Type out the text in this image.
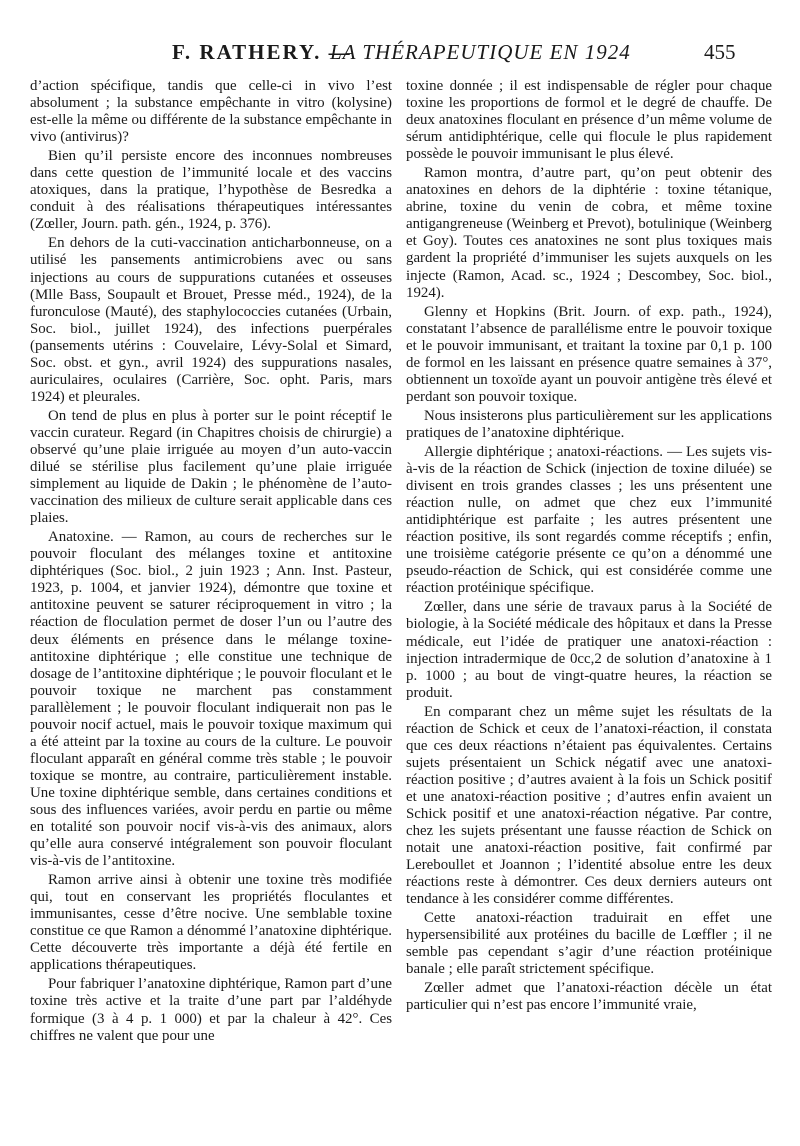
F. RATHERY. —
LA THÉRAPEUTIQUE EN 1924	455

d’action spécifique, tandis que celle-ci in vivo l’est absolument ; la substance empêchante in vitro (kolysine) est-elle la même ou différente de la substance empêchante in vivo (antivirus)?

Bien qu’il persiste encore des inconnues nombreuses dans cette question de l’immunité locale et des vaccins atoxiques, dans la pratique, l’hypothèse de Besredka a conduit à des réalisations thérapeutiques intéressantes (Zœller, Journ. path. gén., 1924, p. 376).

En dehors de la cuti-vaccination anticharbonneuse, on a utilisé les pansements antimicrobiens avec ou sans injections au cours de suppurations cutanées et osseuses (Mlle Bass, Soupault et Brouet, Presse méd., 1924), de la furonculose (Mauté), des staphylococcies cutanées (Urbain, Soc. biol., juillet 1924), des infections puerpérales (pansements utérins : Couvelaire, Lévy-Solal et Simard, Soc. obst. et gyn., avril 1924) des suppurations nasales, auriculaires, oculaires (Carrière, Soc. opht. Paris, mars 1924) et pleurales.

On tend de plus en plus à porter sur le point réceptif le vaccin curateur. Regard (in Chapitres choisis de chirurgie) a observé qu’une plaie irriguée au moyen d’un auto-vaccin dilué se stérilise plus facilement qu’une plaie irriguée simplement au liquide de Dakin ; le phénomène de l’auto-vaccination des milieux de culture serait applicable dans ces plaies.

Anatoxine. — Ramon, au cours de recherches sur le pouvoir floculant des mélanges toxine et antitoxine diphtériques (Soc. biol., 2 juin 1923 ; Ann. Inst. Pasteur, 1923, p. 1004, et janvier 1924), démontre que toxine et antitoxine peuvent se saturer réciproquement in vitro ; la réaction de floculation permet de doser l’un ou l’autre des deux éléments en présence dans le mélange toxine-antitoxine diphtérique ; elle constitue une technique de dosage de l’antitoxine diphtérique ; le pouvoir floculant et le pouvoir toxique ne marchent pas constamment parallèlement ; le pouvoir floculant indiquerait non pas le pouvoir nocif actuel, mais le pouvoir toxique maximum qui a été atteint par la toxine au cours de la culture. Le pouvoir floculant apparaît en général comme très stable ; le pouvoir toxique se montre, au contraire, particulièrement instable. Une toxine diphtérique semble, dans certaines conditions et sous des influences variées, avoir perdu en partie ou même en totalité son pouvoir nocif vis-à-vis des animaux, alors qu’elle aura conservé intégralement son pouvoir floculant vis-à-vis de l’antitoxine.

Ramon arrive ainsi à obtenir une toxine très modifiée qui, tout en conservant les propriétés floculantes et immunisantes, cesse d’être nocive. Une semblable toxine constitue ce que Ramon a dénommé l’anatoxine diphtérique. Cette découverte très importante a déjà été fertile en applications thérapeutiques.

Pour fabriquer l’anatoxine diphtérique, Ramon part d’une toxine très active et la traite d’une part par l’aldéhyde formique (3 à 4 p. 1 000) et par la chaleur à 42°. Ces chiffres ne valent que pour une

toxine donnée ; il est indispensable de régler pour chaque toxine les proportions de formol et le degré de chauffe. De deux anatoxines floculant en présence d’un même volume de sérum antidiphtérique, celle qui flocule le plus rapidement possède le pouvoir immunisant le plus élevé.

Ramon montra, d’autre part, qu’on peut obtenir des anatoxines en dehors de la diphtérie : toxine tétanique, abrine, toxine du venin de cobra, et même toxine antigangreneuse (Weinberg et Prevot), botulinique (Weinberg et Goy). Toutes ces anatoxines ne sont plus toxiques mais gardent la propriété d’immuniser les sujets auxquels on les injecte (Ramon, Acad. sc., 1924 ; Descombey, Soc. biol., 1924).

Glenny et Hopkins (Brit. Journ. of exp. path., 1924), constatant l’absence de parallélisme entre le pouvoir toxique et le pouvoir immunisant, et traitant la toxine par 0,1 p. 100 de formol en les laissant en présence quatre semaines à 37°, obtiennent un toxoïde ayant un pouvoir antigène très élevé et perdant son pouvoir toxique.

Nous insisterons plus particulièrement sur les applications pratiques de l’anatoxine diphtérique.

Allergie diphtérique ; anatoxi-réactions. — Les sujets vis-à-vis de la réaction de Schick (injection de toxine diluée) se divisent en trois grandes classes ; les uns présentent une réaction nulle, on admet que chez eux l’immunité antidiphtérique est parfaite ; les autres présentent une réaction positive, ils sont regardés comme réceptifs ; enfin, une troisième catégorie présente ce qu’on a dénommé une pseudo-réaction de Schick, qui est considérée comme une réaction protéinique spécifique.

Zœller, dans une série de travaux parus à la Société de biologie, à la Société médicale des hôpitaux et dans la Presse médicale, eut l’idée de pratiquer une anatoxi-réaction : injection intradermique de 0cc,2 de solution d’anatoxine à 1 p. 1000 ; au bout de vingt-quatre heures, la réaction se produit.

En comparant chez un même sujet les résultats de la réaction de Schick et ceux de l’anatoxi-réaction, il constata que ces deux réactions n’étaient pas équivalentes. Certains sujets présentaient un Schick négatif avec une anatoxi-réaction positive ; d’autres avaient à la fois un Schick positif et une anatoxi-réaction positive ; d’autres enfin avaient un Schick positif et une anatoxi-réaction négative. Par contre, chez les sujets présentant une fausse réaction de Schick on notait une anatoxi-réaction positive, fait confirmé par Lereboullet et Joannon ; l’identité absolue entre les deux réactions reste à démontrer. Ces deux derniers auteurs ont tendance à les considérer comme différentes.

Cette anatoxi-réaction traduirait en effet une hypersensibilité aux protéines du bacille de Lœffler ; il ne semble pas cependant s’agir d’une réaction protéinique banale ; elle paraît strictement spécifique.

Zœller admet que l’anatoxi-réaction décèle un état particulier qui n’est pas encore l’immunité vraie,
